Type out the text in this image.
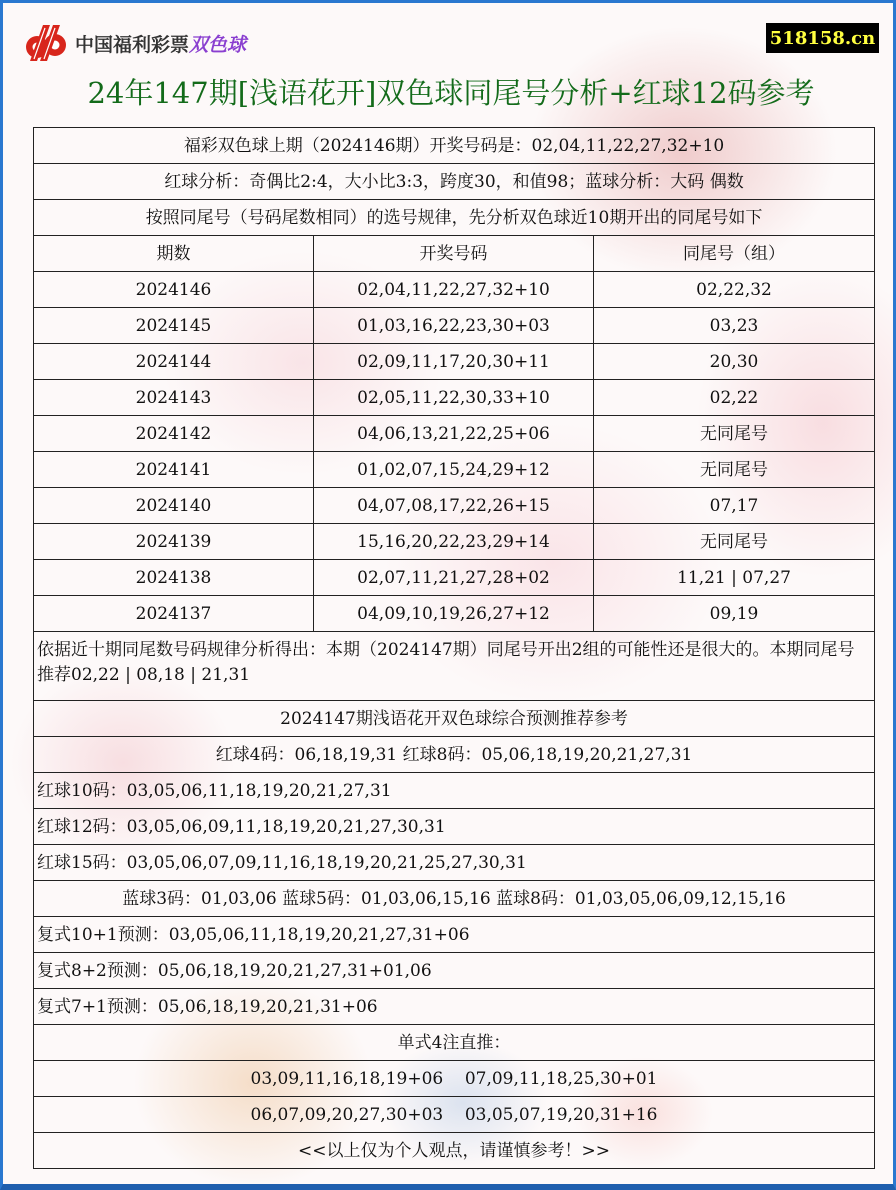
中国福利彩票双色球	518158.cn
24年147期[浅语花开]双色球同尾号分析+红球12码参考
福彩双色球上期（2024146期）开奖号码是：02,04,11,22,27,32+10		
红球分析：奇偶比2:4，大小比3:3，跨度30，和值98；蓝球分析：大码 偶数		
按照同尾号（号码尾数相同）的选号规律，先分析双色球近10期开出的同尾号如下		
期数	开奖号码	同尾号（组）
2024146	02,04,11,22,27,32+10	02,22,32
2024145	01,03,16,22,23,30+03	03,23
2024144	02,09,11,17,20,30+11	20,30
2024143	02,05,11,22,30,33+10	02,22
2024142	04,06,13,21,22,25+06	无同尾号
2024141	01,02,07,15,24,29+12	无同尾号
2024140	04,07,08,17,22,26+15	07,17
2024139	15,16,20,22,23,29+14	无同尾号
2024138	02,07,11,21,27,28+02	11,21 | 07,27
2024137	04,09,10,19,26,27+12	09,19
依据近十期同尾数号码规律分析得出：本期（2024147期）同尾号开出2组的可能性还是很大的。本期同尾号推荐02,22 | 08,18 | 21,31		
2024147期浅语花开双色球综合预测推荐参考		
红球4码：06,18,19,31 红球8码：05,06,18,19,20,21,27,31		
红球10码：03,05,06,11,18,19,20,21,27,31		
红球12码：03,05,06,09,11,18,19,20,21,27,30,31		
红球15码：03,05,06,07,09,11,16,18,19,20,21,25,27,30,31		
蓝球3码：01,03,06 蓝球5码：01,03,06,15,16 蓝球8码：01,03,05,06,09,12,15,16		
复式10+1预测：03,05,06,11,18,19,20,21,27,31+06		
复式8+2预测：05,06,18,19,20,21,27,31+01,06		
复式7+1预测：05,06,18,19,20,21,31+06		
单式4注直推：		
03,09,11,16,18,19+06    07,09,11,18,25,30+01		
06,07,09,20,27,30+03    03,05,07,19,20,31+16		
<<以上仅为个人观点，请谨慎参考！>>		
